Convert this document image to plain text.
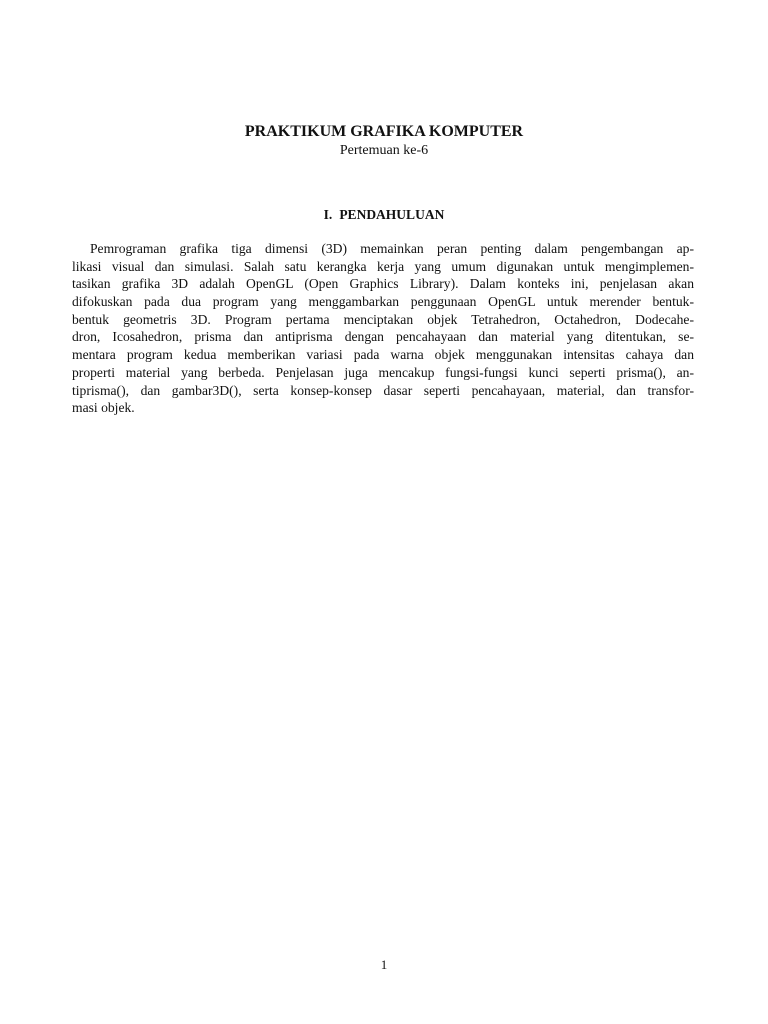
PRAKTIKUM GRAFIKA KOMPUTER
Pertemuan ke-6
I. PENDAHULUAN
Pemrograman grafika tiga dimensi (3D) memainkan peran penting dalam pengembangan ap-
likasi visual dan simulasi. Salah satu kerangka kerja yang umum digunakan untuk mengimplemen-
tasikan grafika 3D adalah OpenGL (Open Graphics Library). Dalam konteks ini, penjelasan akan
difokuskan pada dua program yang menggambarkan penggunaan OpenGL untuk merender bentuk-
bentuk geometris 3D. Program pertama menciptakan objek Tetrahedron, Octahedron, Dodecahe-
dron, Icosahedron, prisma dan antiprisma dengan pencahayaan dan material yang ditentukan, se-
mentara program kedua memberikan variasi pada warna objek menggunakan intensitas cahaya dan
properti material yang berbeda. Penjelasan juga mencakup fungsi-fungsi kunci seperti prisma(), an-
tiprisma(), dan gambar3D(), serta konsep-konsep dasar seperti pencahayaan, material, dan transfor-
masi objek.
1
